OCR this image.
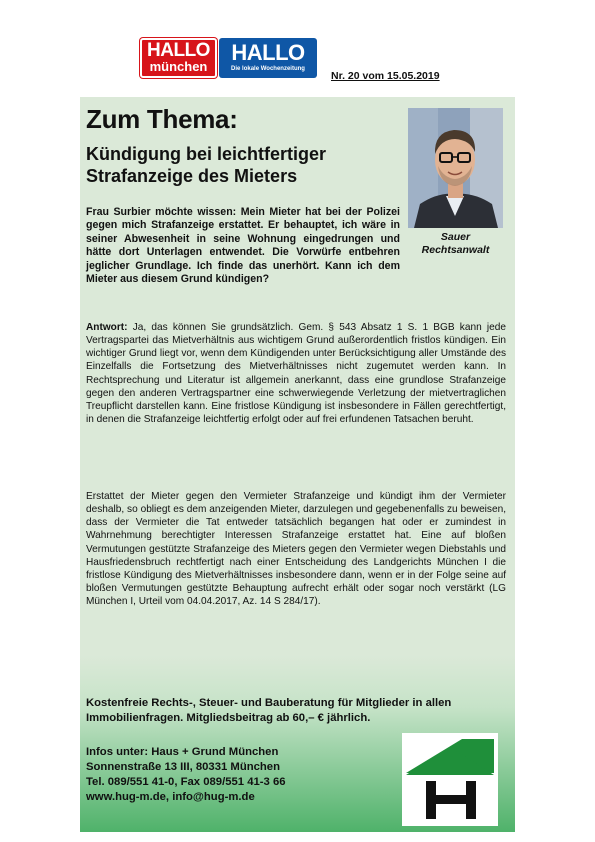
HALLO
münchen
HALLO
Die lokale Wochenzeitung
Nr. 20 vom 15.05.2019
Zum Thema:
Kündigung bei leichtfertiger Strafanzeige des Mieters
Sauer
Rechtsanwalt

Frau Surbier möchte wissen: Mein Mieter hat bei der Polizei gegen mich Strafanzeige erstattet. Er behauptet, ich wäre in seiner Abwesenheit in seine Wohnung eingedrungen und hätte dort Unterlagen entwendet. Die Vorwürfe entbehren jeglicher Grundlage. Ich finde das unerhört. Kann ich dem Mieter aus diesem Grund kündigen?

Antwort: Ja, das können Sie grundsätzlich. Gem. § 543 Absatz 1 S. 1 BGB kann jede Vertragspartei das Mietverhältnis aus wichtigem Grund außerordentlich fristlos kündigen. Ein wichtiger Grund liegt vor, wenn dem Kündigenden unter Berücksichtigung aller Umstände des Einzelfalls die Fortsetzung des Mietverhältnisses nicht zugemutet werden kann. In Rechtsprechung und Literatur ist allgemein anerkannt, dass eine grundlose Strafanzeige gegen den anderen Vertragspartner eine schwerwiegende Verletzung der mietvertraglichen Treupflicht darstellen kann. Eine fristlose Kündigung ist insbesondere in Fällen gerechtfertigt, in denen die Strafanzeige leichtfertig erfolgt oder auf frei erfundenen Tatsachen beruht.

Erstattet der Mieter gegen den Vermieter Strafanzeige und kündigt ihm der Vermieter deshalb, so obliegt es dem anzeigenden Mieter, darzulegen und gegebenenfalls zu beweisen, dass der Vermieter die Tat entweder tatsächlich begangen hat oder er zumindest in Wahrnehmung berechtigter Interessen Strafanzeige erstattet hat. Eine auf bloßen Vermutungen gestützte Strafanzeige des Mieters gegen den Vermieter wegen Diebstahls und Hausfriedensbruch rechtfertigt nach einer Entscheidung des Landgerichts München I die fristlose Kündigung des Mietverhältnisses insbesondere dann, wenn er in der Folge seine auf bloßen Vermutungen gestützte Behauptung aufrecht erhält oder sogar noch verstärkt (LG München I, Urteil vom 04.04.2017, Az. 14 S 284/17).

Kostenfreie Rechts-, Steuer- und Bauberatung für Mitglieder in allen Immobilienfragen. Mitgliedsbeitrag ab 60,– € jährlich.

Infos unter: Haus + Grund München
Sonnenstraße 13 III, 80331 München
Tel. 089/551 41-0, Fax 089/551 41-3 66
www.hug-m.de, info@hug-m.de
